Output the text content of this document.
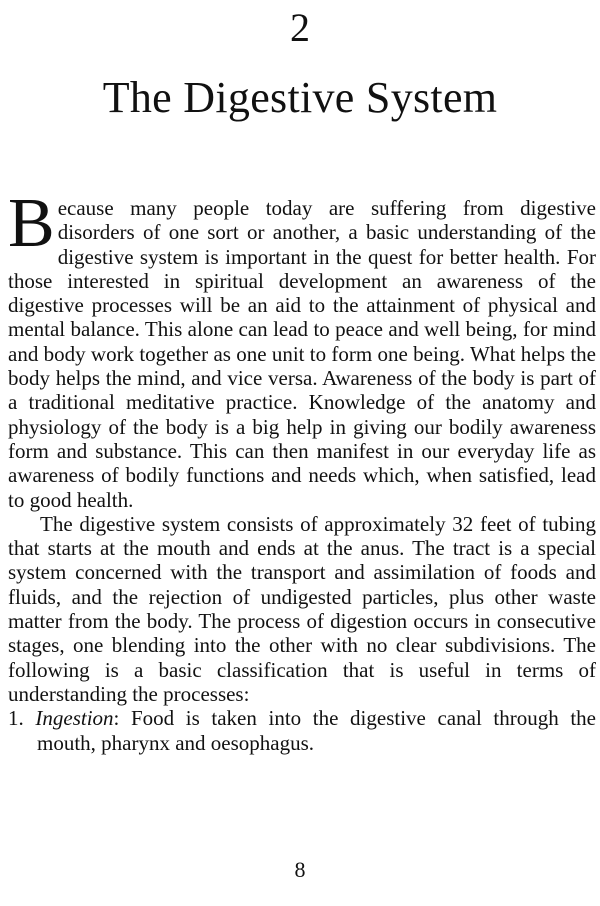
2
The Digestive System

Because many people today are suffering from digestive disorders of one sort or another, a basic understanding of the digestive system is important in the quest for better health. For those interested in spiritual development an awareness of the digestive processes will be an aid to the attainment of physical and mental balance. This alone can lead to peace and well being, for mind and body work together as one unit to form one being. What helps the body helps the mind, and vice versa. Awareness of the body is part of a traditional meditative practice. Knowledge of the anatomy and physiology of the body is a big help in giving our bodily awareness form and substance. This can then manifest in our everyday life as awareness of bodily functions and needs which, when satisfied, lead to good health.

The digestive system consists of approximately 32 feet of tubing that starts at the mouth and ends at the anus. The tract is a special system concerned with the transport and assimilation of foods and fluids, and the rejection of undigested particles, plus other waste matter from the body. The process of digestion occurs in consecutive stages, one blending into the other with no clear subdivisions. The following is a basic classification that is useful in terms of understanding the processes:

1. Ingestion: Food is taken into the digestive canal through the mouth, pharynx and oesophagus.

8
